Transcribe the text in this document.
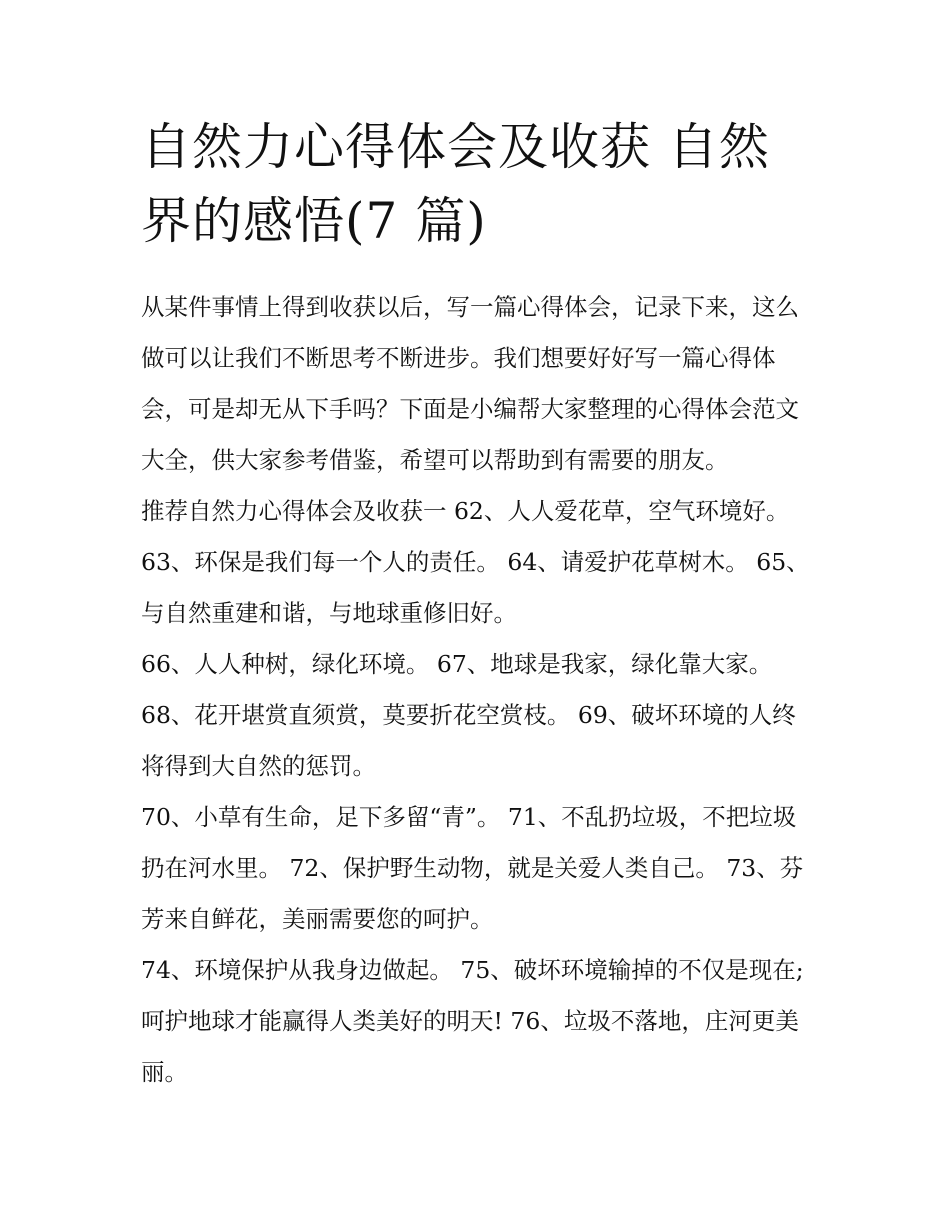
自然力心得体会及收获 自然界的感悟(7 篇)

从某件事情上得到收获以后，写一篇心得体会，记录下来，这么做可以让我们不断思考不断进步。我们想要好好写一篇心得体会，可是却无从下手吗？下面是小编帮大家整理的心得体会范文大全，供大家参考借鉴，希望可以帮助到有需要的朋友。

推荐自然力心得体会及收获一 62、人人爱花草，空气环境好。 63、环保是我们每一个人的责任。 64、请爱护花草树木。 65、与自然重建和谐，与地球重修旧好。

66、人人种树，绿化环境。 67、地球是我家，绿化靠大家。

68、花开堪赏直须赏，莫要折花空赏枝。 69、破坏环境的人终将得到大自然的惩罚。

70、小草有生命，足下多留“青”。 71、不乱扔垃圾，不把垃圾扔在河水里。 72、保护野生动物，就是关爱人类自己。 73、芬芳来自鲜花，美丽需要您的呵护。

74、环境保护从我身边做起。 75、破坏环境输掉的不仅是现在;呵护地球才能赢得人类美好的明天! 76、垃圾不落地，庄河更美丽。
